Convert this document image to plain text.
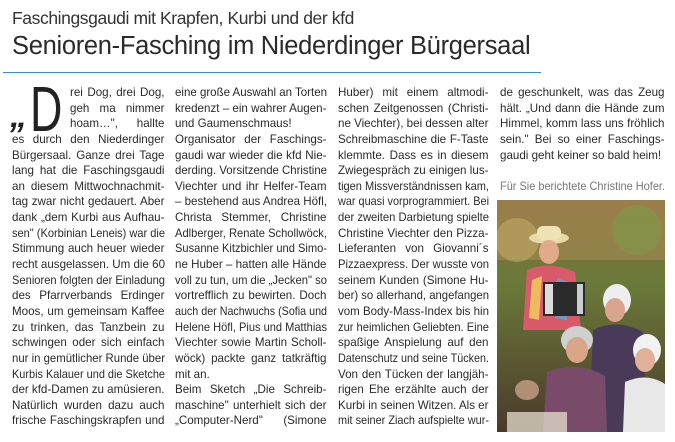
Faschingsgaudi mit Krapfen, Kurbi und der kfd
Senioren-Fasching im Niederdinger Bürgersaal
„ D rei Dog, drei Dog,
geh ma nimmer
hoam…", hallte
es durch den Niederdinger
Bürgersaal. Ganze drei Tage
lang hat die Faschingsgaudi
an diesem Mittwochnachmit-
tag zwar nicht gedauert. Aber
dank „dem Kurbi aus Aufhau-
sen" (Korbinian Leneis) war die
Stimmung auch heuer wieder
recht ausgelassen. Um die 60
Senioren folgten der Einladung
des Pfarrverbands Erdinger
Moos, um gemeinsam Kaffee
zu trinken, das Tanzbein zu
schwingen oder sich einfach
nur in gemütlicher Runde über
Kurbis Kalauer und die Sketche
der kfd-Damen zu amüsieren.
Natürlich wurden dazu auch
frische Faschingskrapfen und
eine große Auswahl an Torten
kredenzt – ein wahrer Augen-
und Gaumenschmaus!
Organisator der Faschings-
gaudi war wieder die kfd Nie-
derding. Vorsitzende Christine
Viechter und ihr Helfer-Team
– bestehend aus Andrea Höfl,
Christa Stemmer, Christine
Adlberger, Renate Schollwöck,
Susanne Kitzbichler und Simo-
ne Huber – hatten alle Hände
voll zu tun, um die „Jecken" so
vortrefflich zu bewirten. Doch
auch der Nachwuchs (Sofia und
Helene Höfl, Pius und Matthias
Viechter sowie Martin Scholl-
wöck) packte ganz tatkräftig
mit an.
Beim Sketch „Die Schreib-
maschine" unterhielt sich der
„Computer-Nerd" (Simone
Huber) mit einem altmodi-
schen Zeitgenossen (Christi-
ne Viechter), bei dessen alter
Schreibmaschine die F-Taste
klemmte. Dass es in diesem
Zwiegespräch zu einigen lus-
tigen Missverständnissen kam,
war quasi vorprogrammiert. Bei
der zweiten Darbietung spielte
Christine Viechter den Pizza-
Lieferanten von Giovanni´s
Pizzaexpress. Der wusste von
seinem Kunden (Simone Hu-
ber) so allerhand, angefangen
vom Body-Mass-Index bis hin
zur heimlichen Geliebten. Eine
spaßige Anspielung auf den
Datenschutz und seine Tücken.
Von den Tücken der langjäh-
rigen Ehe erzählte auch der
Kurbi in seinen Witzen. Als er
mit seiner Ziach aufspielte wur-
de geschunkelt, was das Zeug
hält. „Und dann die Hände zum
Himmel, komm lass uns fröhlich
sein." Bei so einer Faschings-
gaudi geht keiner so bald heim!
Für Sie berichtete Christine Hofer.
